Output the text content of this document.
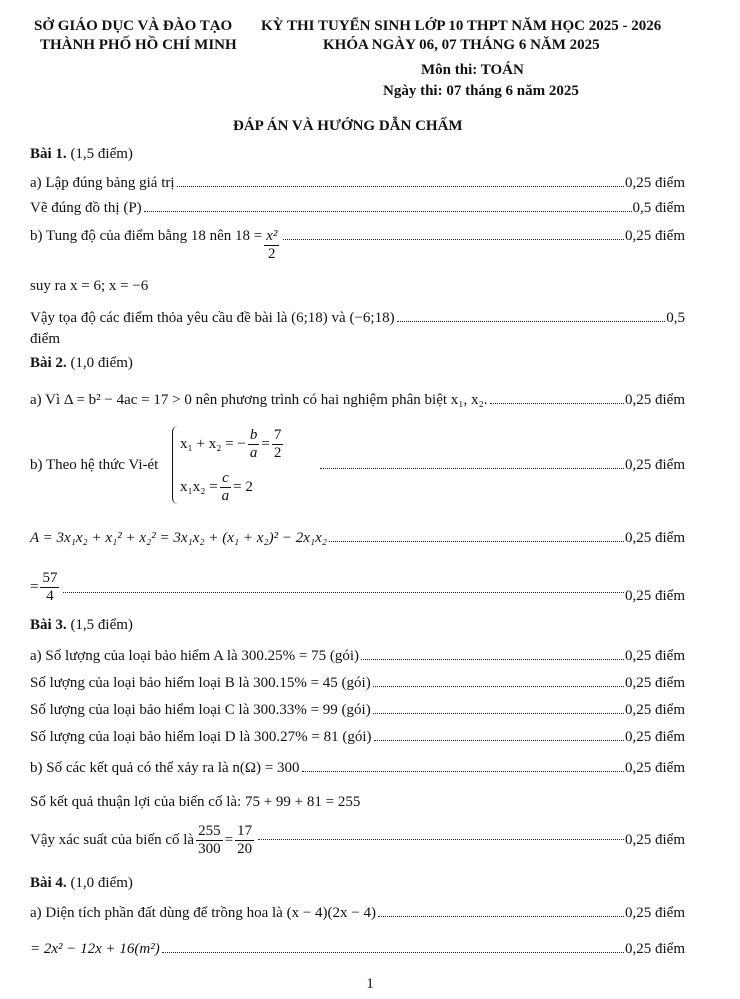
SỞ GIÁO DỤC VÀ ĐÀO TẠO
THÀNH PHỐ HỒ CHÍ MINH
KỲ THI TUYỂN SINH LỚP 10 THPT NĂM HỌC 2025 - 2026
KHÓA NGÀY 06, 07 THÁNG 6 NĂM 2025
Môn thi: TOÁN
Ngày thi: 07 tháng 6 năm 2025
ĐÁP ÁN VÀ HƯỚNG DẪN CHẤM
Bài 1. (1,5 điểm)
a) Lập đúng bảng giá trị	0,25 điểm
Vẽ đúng đồ thị (P)	0,5 điểm
b) Tung độ của điểm bằng 18 nên $18 = \frac{\text{x²}}{2}$	0,25 điểm
suy ra x = 6; x = −6
Vậy tọa độ các điểm thỏa yêu cầu đề bài là (6;18) và (−6;18)	0,5
điểm
Bài 2. (1,0 điểm)
a) Vì Δ = b² − 4ac = 17 > 0 nên phương trình có hai nghiệm phân biệt x₁, x₂.	0,25 điểm
b) Theo hệ thức Vi-ét
x₁ + x₂ = − $\frac{b}{a} = \frac{7}{2}$
$x_1x_2 = \frac{c}{a} = 2$
0,25 điểm
A = 3x₁x₂ + x₁² + x₂² = 3x₁x₂ + (x₁ + x₂)² − 2x₁x₂	0,25 điểm
= $\frac{57}{4}$	0,25 điểm
Bài 3. (1,5 điểm)
a) Số lượng của loại bảo hiểm A là 300.25% = 75 (gói)	0,25 điểm
Số lượng của loại bảo hiểm loại B là 300.15% = 45 (gói)	0,25 điểm
Số lượng của loại bảo hiểm loại C là 300.33% = 99 (gói)	0,25 điểm
Số lượng của loại bảo hiểm loại D là 300.27% = 81 (gói)	0,25 điểm
b) Số các kết quả có thể xảy ra là n(Ω) = 300	0,25 điểm
Số kết quả thuận lợi của biến cố là: 75 + 99 + 81 = 255
Vậy xác suất của biến cố là $\frac{255}{300} = \frac{17}{20}$	0,25 điểm
Bài 4. (1,0 điểm)
a) Diện tích phần đất dùng để trồng hoa là (x − 4)(2x − 4)	0,25 điểm
= 2x² − 12x + 16(m²)	0,25 điểm
1
